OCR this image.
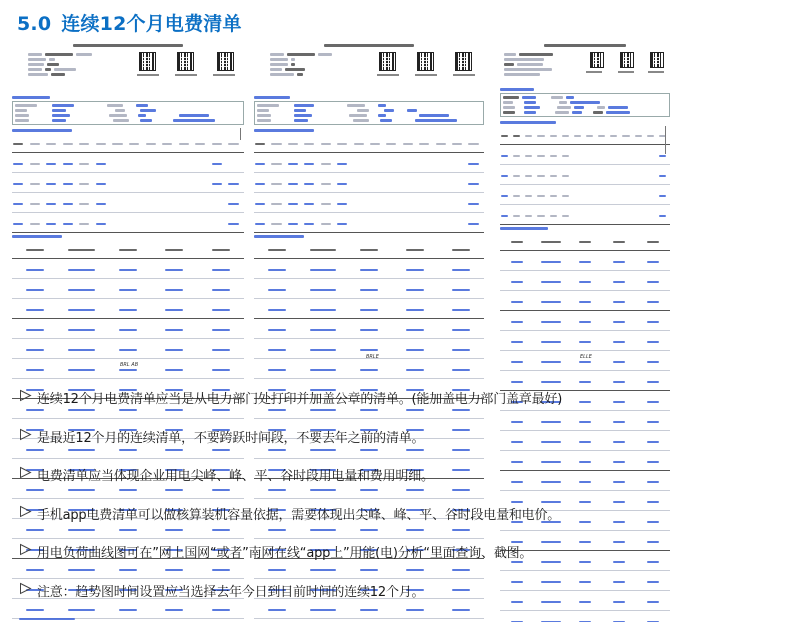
5.0 连续12个月电费清单

BRL AB

BRLE

					ELLE
连续12个月电费清单应当是从电力部门处打印并加盖公章的清单。(能加盖电力部门盖章最好)
是最近12个月的连续清单，不要跨跃时间段，不要去年之前的清单。
电费清单应当体现企业用电尖峰、峰、平、谷时段用电量和费用明细。
手机app电费清单可以做核算装机容量依据，需要体现出尖峰、峰、平、谷时段电量和电价。
用电负荷曲线图可在”网上国网“或者”南网在线“app上”用能(电)分析“里面查询、截图。
注意：趋势图时间设置应当选择去年今日到目前时间的连续12个月。
